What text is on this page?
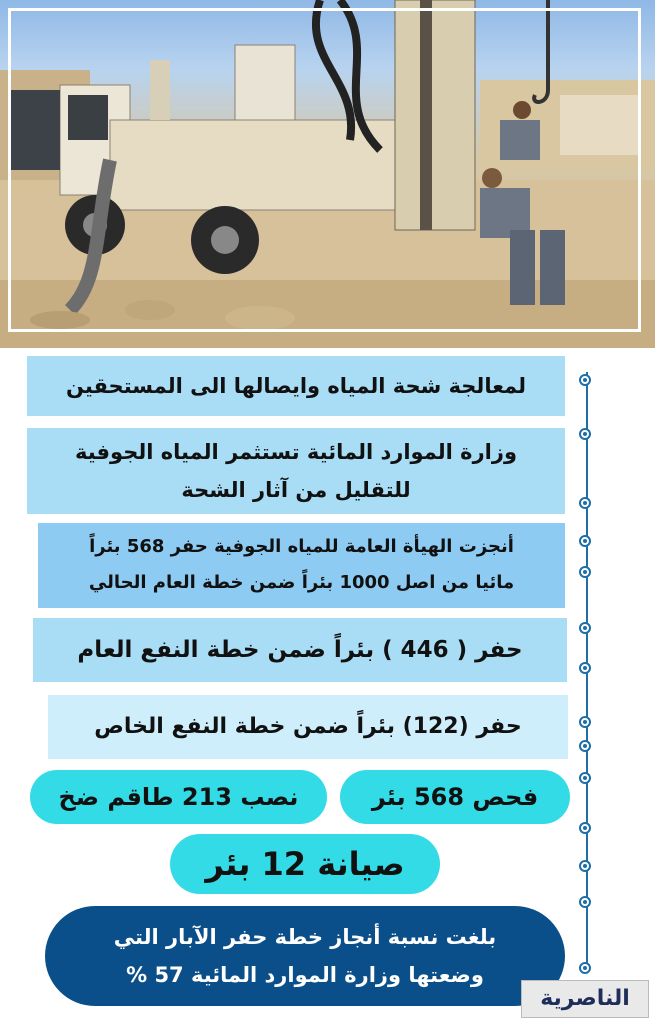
لمعالجة شحة المياه وايصالها الى المستحقين
وزارة الموارد المائية تستثمر المياه الجوفية
للتقليل من آثار الشحة
أنجزت الهيأة العامة للمياه الجوفية حفر 568 بئراً
مائيا من اصل 1000 بئراً ضمن خطة العام الحالي
حفر ( 446 ) بئراً ضمن خطة النفع العام
حفر (122) بئراً ضمن خطة النفع الخاص
فحص 568 بئر
نصب 213 طاقم ضخ
صيانة 12 بئر
بلغت نسبة أنجاز خطة حفر الآبار التي
وضعتها وزارة الموارد المائية 57 %
الناصرية
